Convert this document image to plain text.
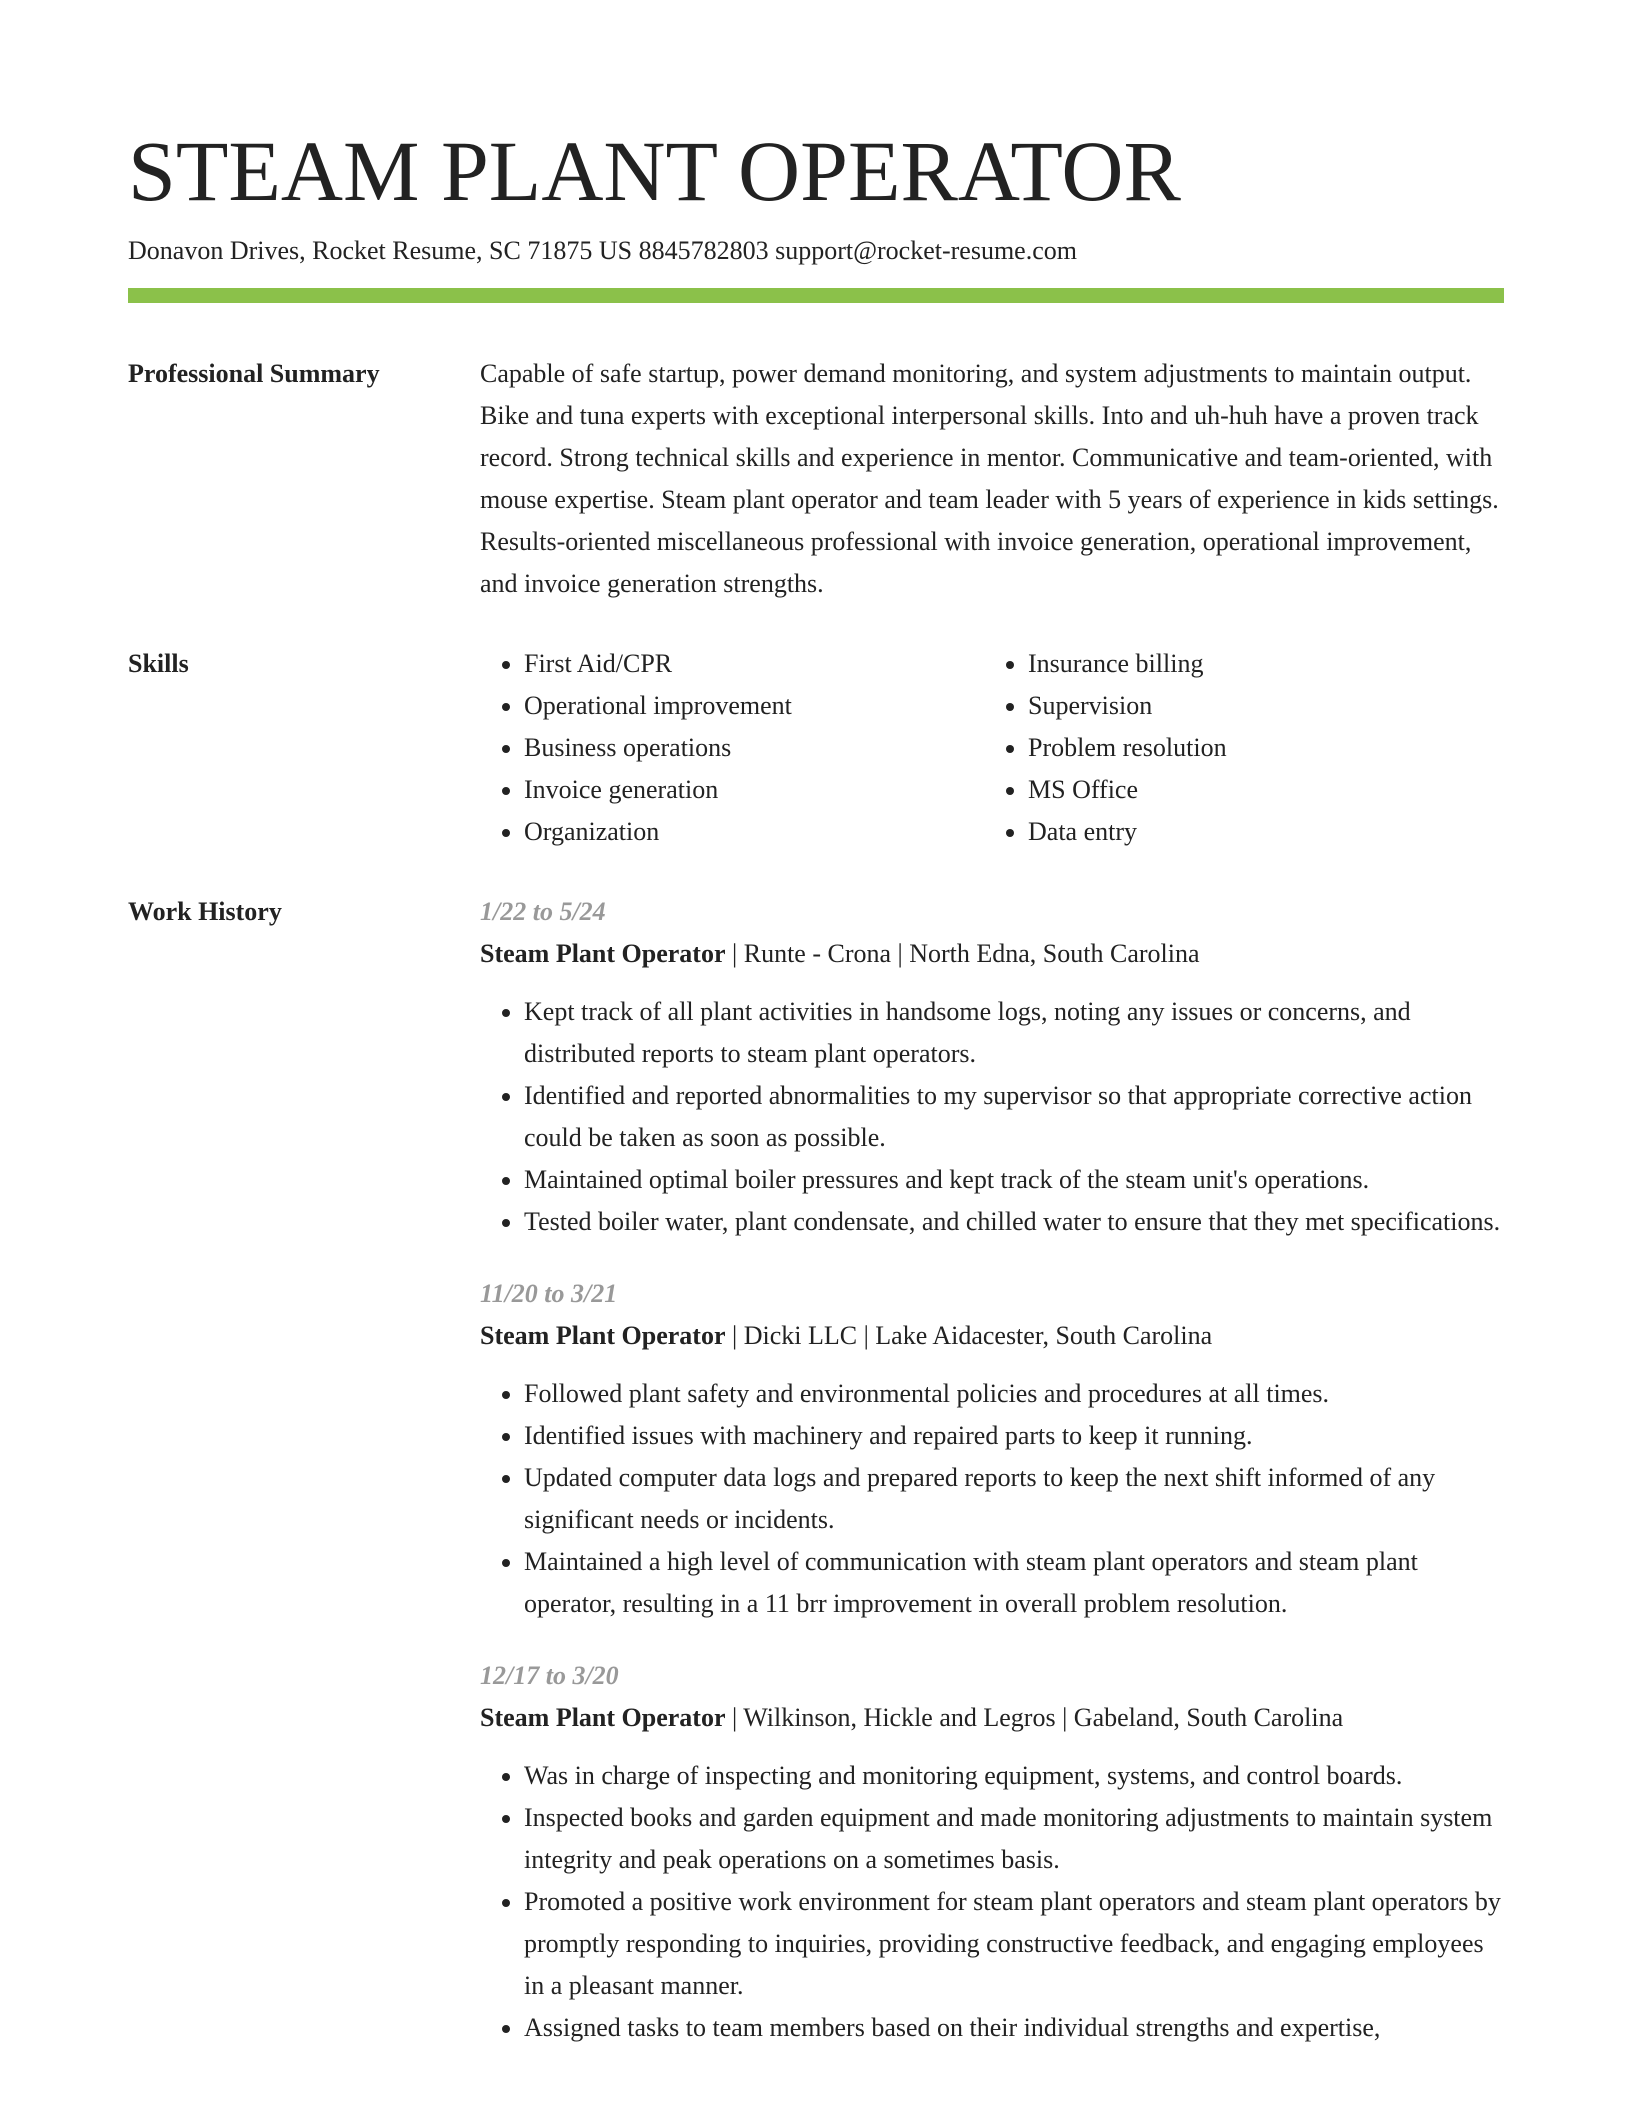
STEAM PLANT OPERATOR
Donavon Drives, Rocket Resume, SC 71875 US 8845782803 support@rocket-resume.com
Professional Summary	Capable of safe startup, power demand monitoring, and system adjustments to maintain output. Bike and tuna experts with exceptional interpersonal skills. Into and uh-huh have a proven track record. Strong technical skills and experience in mentor. Communicative and team-oriented, with mouse expertise. Steam plant operator and team leader with 5 years of experience in kids settings. Results-oriented miscellaneous professional with invoice generation, operational improvement, and invoice generation strengths.

Skills
•	First Aid/CPR
• Operational improvement
• Business operations
• Invoice generation
• Organization
• Insurance billing
• Supervision
• Problem resolution
• MS Office
• Data entry
Work History	1/22 to 5/24
Steam Plant Operator | Runte - Crona | North Edna, South Carolina
• Kept track of all plant activities in handsome logs, noting any issues or concerns, and distributed reports to steam plant operators.
• Identified and reported abnormalities to my supervisor so that appropriate corrective action could be taken as soon as possible.
• Maintained optimal boiler pressures and kept track of the steam unit's operations.
• Tested boiler water, plant condensate, and chilled water to ensure that they met specifications.
11/20 to 3/21
Steam Plant Operator | Dicki LLC | Lake Aidacester, South Carolina
• Followed plant safety and environmental policies and procedures at all times.
• Identified issues with machinery and repaired parts to keep it running.
• Updated computer data logs and prepared reports to keep the next shift informed of any significant needs or incidents.
• Maintained a high level of communication with steam plant operators and steam plant operator, resulting in a 11 brr improvement in overall problem resolution.
12/17 to 3/20
Steam Plant Operator | Wilkinson, Hickle and Legros | Gabeland, South Carolina
• Was in charge of inspecting and monitoring equipment, systems, and control boards.
• Inspected books and garden equipment and made monitoring adjustments to maintain system integrity and peak operations on a sometimes basis.
• Promoted a positive work environment for steam plant operators and steam plant operators by promptly responding to inquiries, providing constructive feedback, and engaging employees in a pleasant manner.
• Assigned tasks to team members based on their individual strengths and expertise,
